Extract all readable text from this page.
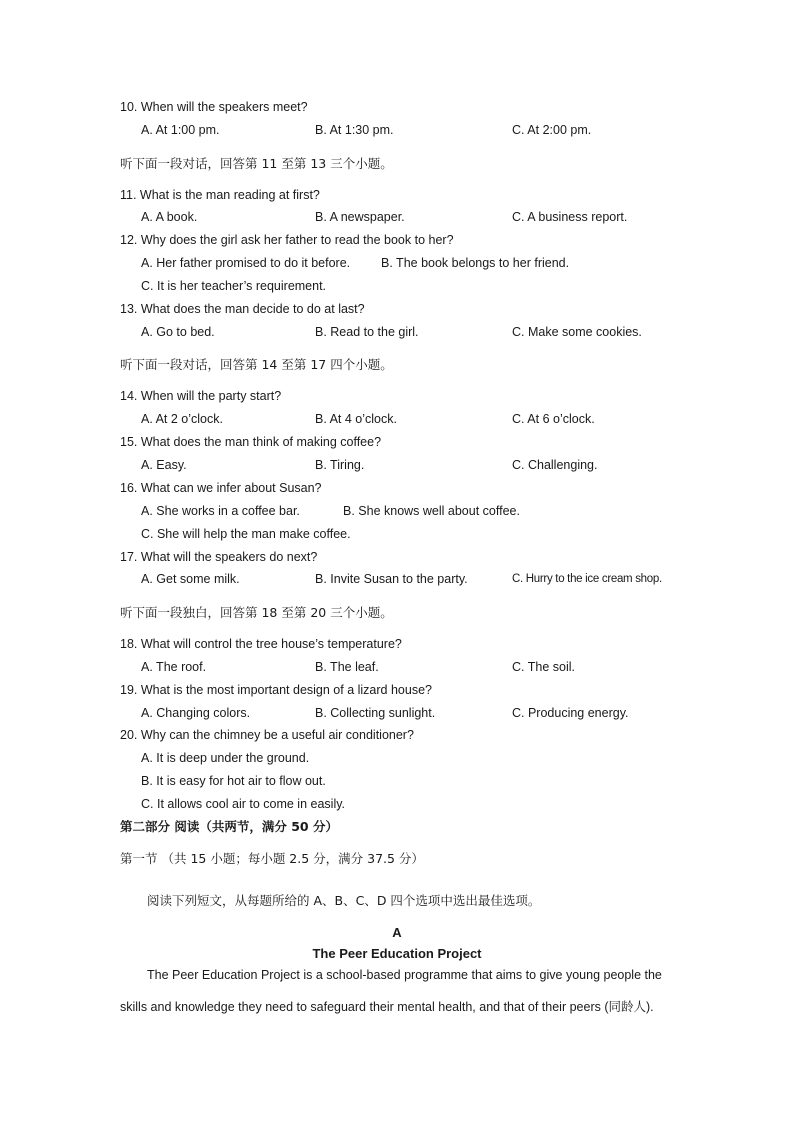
10. When will the speakers meet?
A. At 1:00 pm.	B. At 1:30 pm.	C. At 2:00 pm.
听下面一段对话，回答第 11 至第 13 三个小题。
11. What is the man reading at first?
A. A book.	B. A newspaper.	C. A business report.
12. Why does the girl ask her father to read the book to her?
A. Her father promised to do it before. B. The book belongs to her friend.
C. It is her teacher’s requirement.
13. What does the man decide to do at last?
A. Go to bed.	B. Read to the girl.	C. Make some cookies.
听下面一段对话，回答第 14 至第 17 四个小题。
14. When will the party start?
A. At 2 o’clock.	B. At 4 o’clock.	C. At 6 o’clock.
15. What does the man think of making coffee?
A. Easy.	B. Tiring.	C. Challenging.
16. What can we infer about Susan?
A. She works in a coffee bar.	B. She knows well about coffee.
C. She will help the man make coffee.
17. What will the speakers do next?
A. Get some milk.	B. Invite Susan to the party.	C. Hurry to the ice cream shop.
听下面一段独白，回答第 18 至第 20 三个小题。
18. What will control the tree house’s temperature?
A. The roof.	B. The leaf.	C. The soil.
19. What is the most important design of a lizard house?
A. Changing colors.	B. Collecting sunlight.	C. Producing energy.
20. Why can the chimney be a useful air conditioner?
A. It is deep under the ground.
B. It is easy for hot air to flow out.
C. It allows cool air to come in easily.
第二部分 阅读（共两节，满分 50 分）
第一节 （共 15 小题；每小题 2.5 分，满分 37.5 分）
阅读下列短文，从每题所给的 A、B、C、D 四个选项中选出最佳选项。
A
The Peer Education Project
The Peer Education Project is a school-based programme that aims to give young people the
skills and knowledge they need to safeguard their mental health, and that of their peers (同龄人).
